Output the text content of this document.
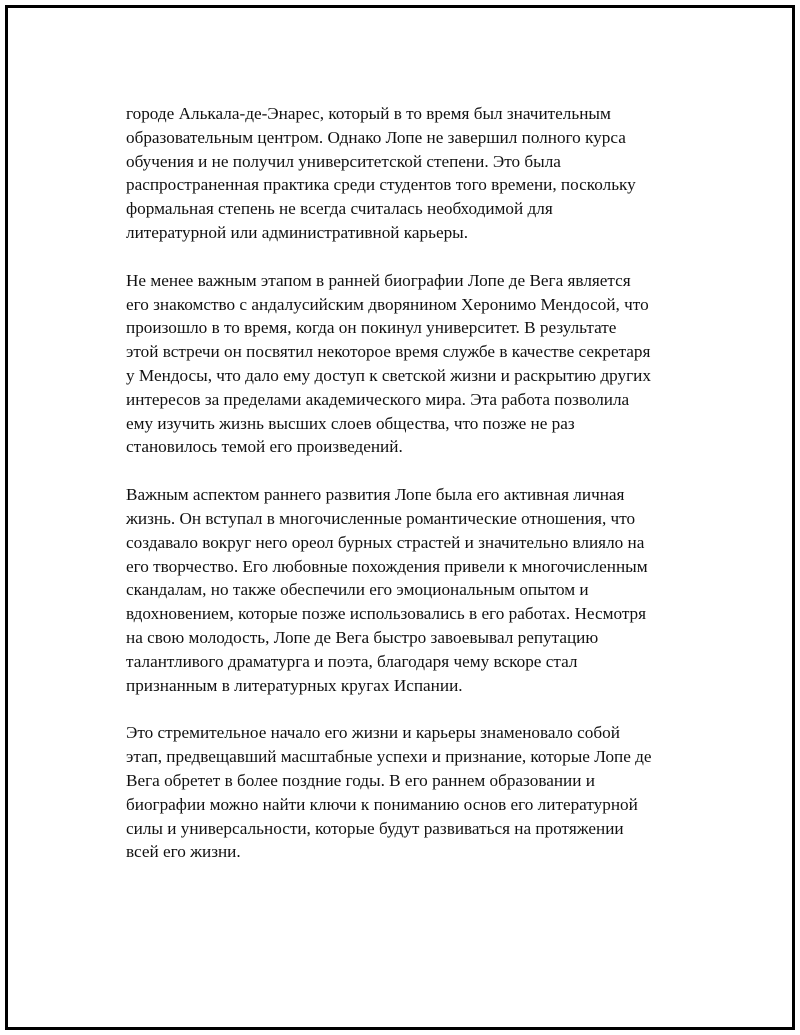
городе Алькала-де-Энарес, который в то время был значительным
образовательным центром. Однако Лопе не завершил полного курса
обучения и не получил университетской степени. Это была
распространенная практика среди студентов того времени, поскольку
формальная степень не всегда считалась необходимой для
литературной или административной карьеры.

Не менее важным этапом в ранней биографии Лопе де Вега является
его знакомство с андалусийским дворянином Херонимо Мендосой, что
произошло в то время, когда он покинул университет. В результате
этой встречи он посвятил некоторое время службе в качестве секретаря
у Мендосы, что дало ему доступ к светской жизни и раскрытию других
интересов за пределами академического мира. Эта работа позволила
ему изучить жизнь высших слоев общества, что позже не раз
становилось темой его произведений.

Важным аспектом раннего развития Лопе была его активная личная
жизнь. Он вступал в многочисленные романтические отношения, что
создавало вокруг него ореол бурных страстей и значительно влияло на
его творчество. Его любовные похождения привели к многочисленным
скандалам, но также обеспечили его эмоциональным опытом и
вдохновением, которые позже использовались в его работах. Несмотря
на свою молодость, Лопе де Вега быстро завоевывал репутацию
талантливого драматурга и поэта, благодаря чему вскоре стал
признанным в литературных кругах Испании.

Это стремительное начало его жизни и карьеры знаменовало собой
этап, предвещавший масштабные успехи и признание, которые Лопе де
Вега обретет в более поздние годы. В его раннем образовании и
биографии можно найти ключи к пониманию основ его литературной
силы и универсальности, которые будут развиваться на протяжении
всей его жизни.
